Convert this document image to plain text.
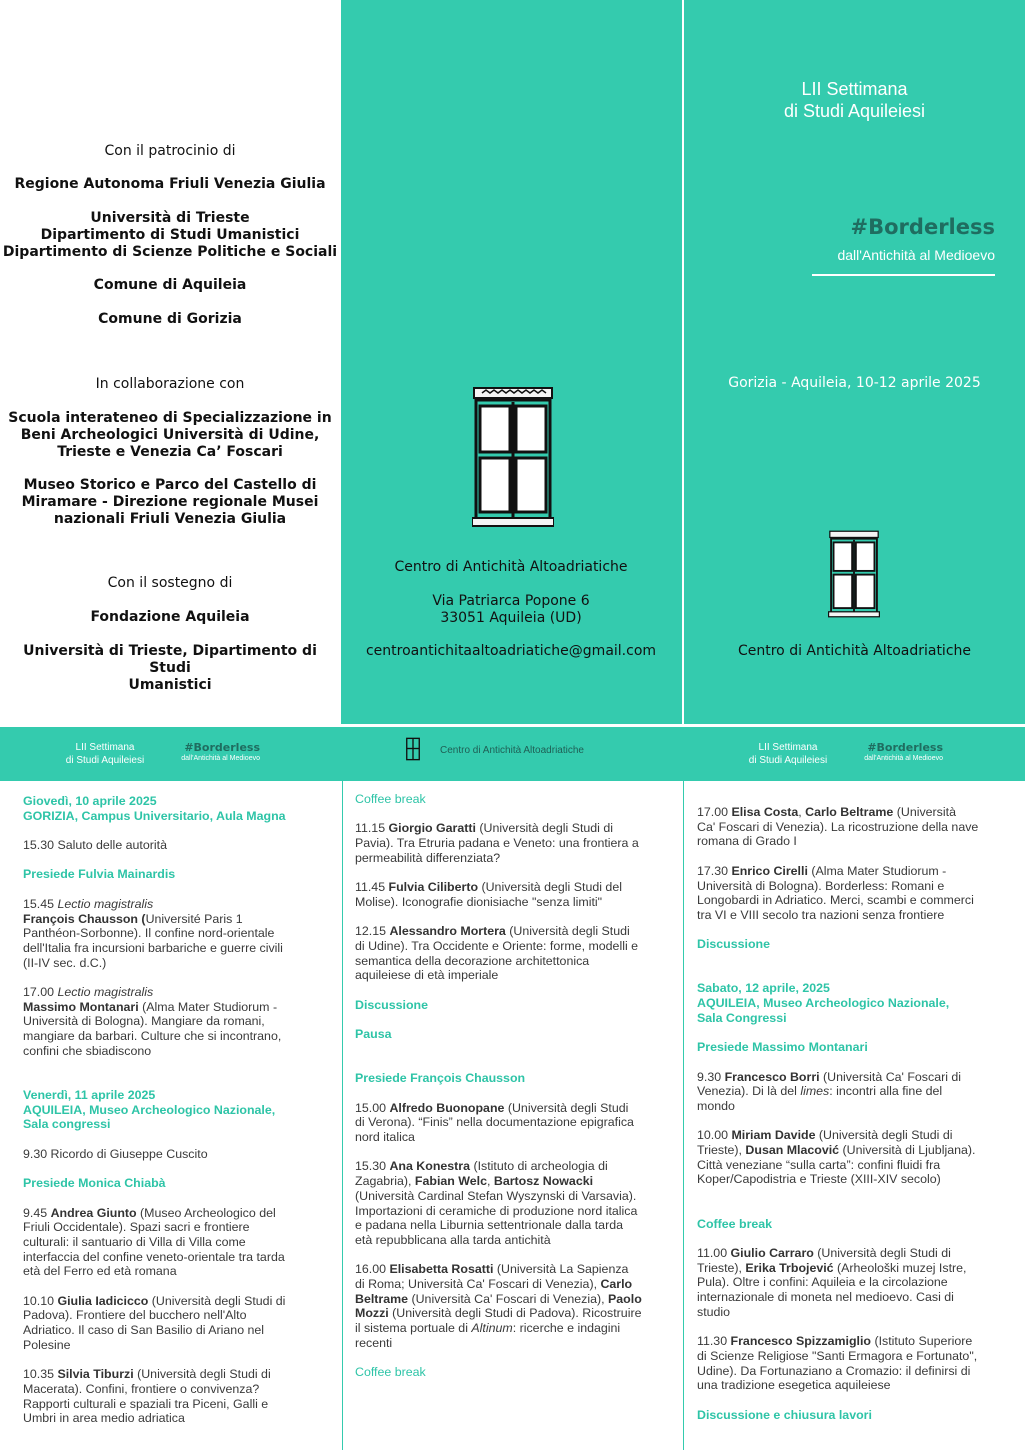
Con il patrocinio di

Regione Autonoma Friuli Venezia Giulia

Università di Trieste

Dipartimento di Studi Umanistici

Dipartimento di Scienze Politiche e Sociali

Comune di Aquileia

Comune di Gorizia

In collaborazione con

Scuola interateneo di Specializzazione in

Beni Archeologici Università di Udine,

Trieste e Venezia Ca’ Foscari

Museo Storico e Parco del Castello di

Miramare - Direzione regionale Musei

nazionali Friuli Venezia Giulia

Con il sostegno di

Fondazione Aquileia

Università di Trieste, Dipartimento di Studi

Umanistici

Centro di Antichità Altoadriatiche

Via Patriarca Popone 6

33051 Aquileia (UD)

centroantichitaaltoadriatiche@gmail.com

LII Settimana

di Studi Aquileiesi

#Borderless
dall'Antichità al Medioevo
Gorizia - Aquileia, 10-12 aprile 2025
Centro di Antichità Altoadriatiche

LII Settimana

di Studi Aquileiesi

#Borderless

dall'Antichità al Medioevo

Centro di Antichità Altoadriatiche	LII Settimana

di Studi Aquileiesi

#Borderless

dall'Antichità al Medioevo

Giovedì, 10 aprile 2025

GORIZIA, Campus Universitario, Aula Magna

15.30 Saluto delle autorità

Presiede Fulvia Mainardis

15.45 Lectio magistralis

François Chausson (Université Paris 1

Panthéon-Sorbonne). Il confine nord-orientale

dell'Italia fra incursioni barbariche e guerre civili

(II-IV sec. d.C.)

17.00 Lectio magistralis

Massimo Montanari (Alma Mater Studiorum -

Università di Bologna). Mangiare da romani,

mangiare da barbari. Culture che si incontrano,

confini che sbiadiscono

Venerdì, 11 aprile 2025

AQUILEIA, Museo Archeologico Nazionale,

Sala congressi

9.30 Ricordo di Giuseppe Cuscito

Presiede Monica Chiabà

9.45 Andrea Giunto (Museo Archeologico del

Friuli Occidentale). Spazi sacri e frontiere

culturali: il santuario di Villa di Villa come

interfaccia del confine veneto-orientale tra tarda

età del Ferro ed età romana

10.10 Giulia Iadicicco (Università degli Studi di

Padova). Frontiere del bucchero nell'Alto

Adriatico. Il caso di San Basilio di Ariano nel

Polesine

10.35 Silvia Tiburzi (Università degli Studi di

Macerata). Confini, frontiere o convivenza?

Rapporti culturali e spaziali tra Piceni, Galli e

Umbri in area medio adriatica

Coffee break

11.15 Giorgio Garatti (Università degli Studi di

Pavia). Tra Etruria padana e Veneto: una frontiera a

permeabilità differenziata?

11.45 Fulvia Ciliberto (Università degli Studi del

Molise). Iconografie dionisiache "senza limiti"

12.15 Alessandro Mortera (Università degli Studi

di Udine). Tra Occidente e Oriente: forme, modelli e

semantica della decorazione architettonica

aquileiese di età imperiale

Discussione

Pausa

Presiede François Chausson

15.00 Alfredo Buonopane (Università degli Studi

di Verona). “Finis” nella documentazione epigrafica

nord italica

15.30 Ana Konestra (Istituto di archeologia di

Zagabria), Fabian Welc, Bartosz Nowacki

(Università Cardinal Stefan Wyszynski di Varsavia).

Importazioni di ceramiche di produzione nord italica

e padana nella Liburnia settentrionale dalla tarda

età repubblicana alla tarda antichità

16.00 Elisabetta Rosatti (Università La Sapienza

di Roma; Università Ca' Foscari di Venezia), Carlo

Beltrame (Università Ca' Foscari di Venezia), Paolo

Mozzi (Università degli Studi di Padova). Ricostruire

il sistema portuale di Altinum: ricerche e indagini

recenti

Coffee break

17.00 Elisa Costa, Carlo Beltrame (Università

Ca' Foscari di Venezia). La ricostruzione della nave

romana di Grado I

17.30 Enrico Cirelli (Alma Mater Studiorum -

Università di Bologna). Borderless: Romani e

Longobardi in Adriatico. Merci, scambi e commerci

tra VI e VIII secolo tra nazioni senza frontiere

Discussione

Sabato, 12 aprile, 2025

AQUILEIA, Museo Archeologico Nazionale,

Sala Congressi

Presiede Massimo Montanari

9.30 Francesco Borri (Università Ca' Foscari di

Venezia). Di là del limes: incontri alla fine del

mondo

10.00 Miriam Davide (Università degli Studi di

Trieste), Dusan Mlacović (Università di Ljubljana).

Città veneziane “sulla carta”: confini fluidi fra

Koper/Capodistria e Trieste (XIII-XIV secolo)

Coffee break

11.00 Giulio Carraro (Università degli Studi di

Trieste), Erika Trbojević (Arheološki muzej Istre,

Pula). Oltre i confini: Aquileia e la circolazione

internazionale di moneta nel medioevo. Casi di

studio

11.30 Francesco Spizzamiglio (Istituto Superiore

di Scienze Religiose "Santi Ermagora e Fortunato",

Udine). Da Fortunaziano a Cromazio: il definirsi di

una tradizione esegetica aquileiese

Discussione e chiusura lavori
